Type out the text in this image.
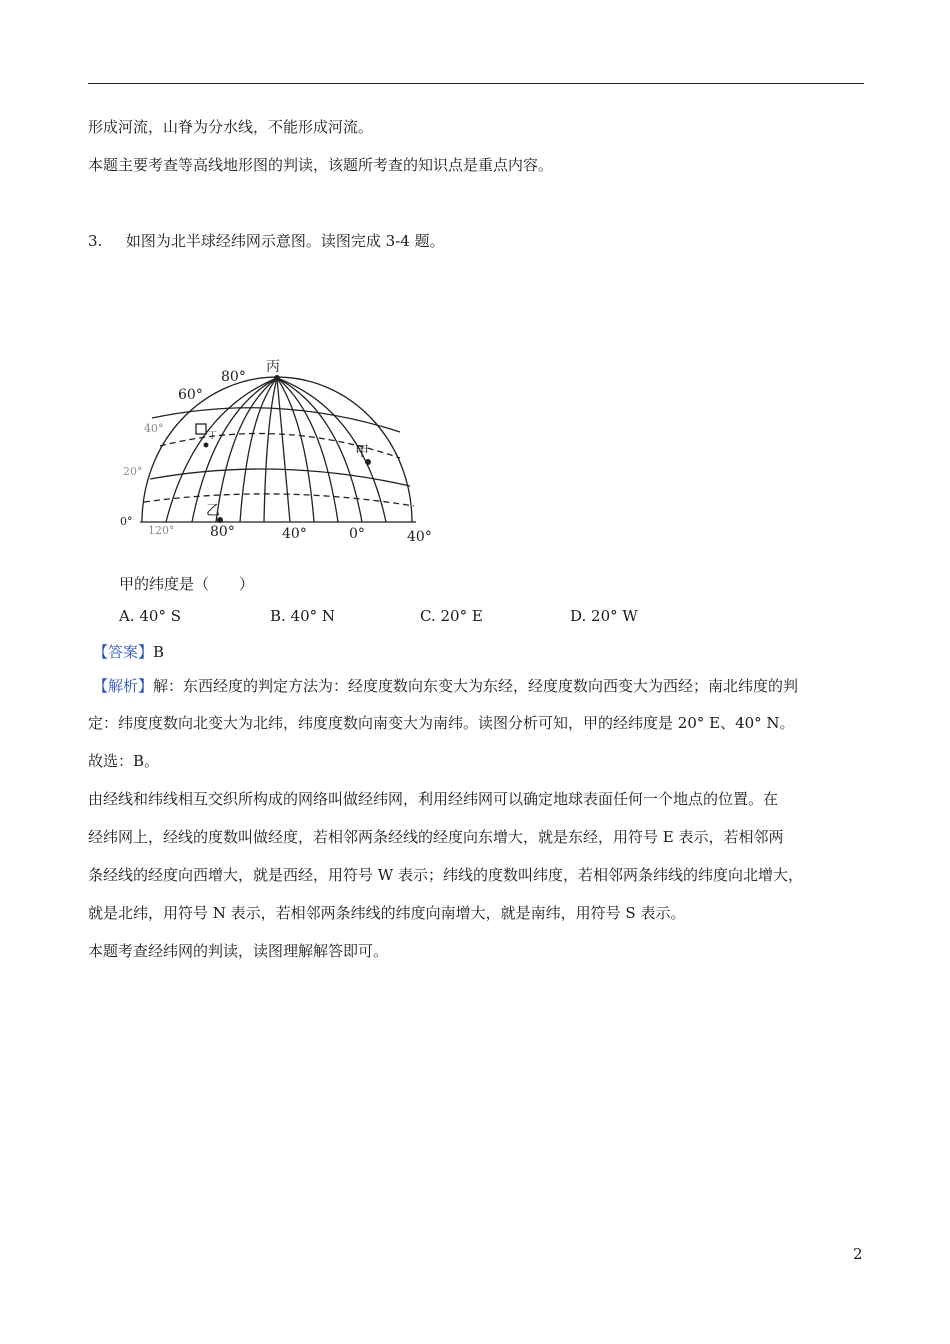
形成河流，山脊为分水线，不能形成河流。
本题主要考查等高线地形图的判读，该题所考查的知识点是重点内容。
3. 如图为北半球经纬网示意图。读图完成 3-4 题。
丙
甲
乙
丁
80°
60°
40°
20°
0°
120°	80°	40°	0°	40°
甲的纬度是（　　）
A. 40° S	B. 40° N	C. 20° E	D. 20° W
【答案】B
【解析】解：东西经度的判定方法为：经度度数向东变大为东经，经度度数向西变大为西经；南北纬度的判
定：纬度度数向北变大为北纬，纬度度数向南变大为南纬。读图分析可知，甲的经纬度是 20° E、40° N。
故选：B。
由经线和纬线相互交织所构成的网络叫做经纬网，利用经纬网可以确定地球表面任何一个地点的位置。在
经纬网上，经线的度数叫做经度，若相邻两条经线的经度向东增大，就是东经，用符号 E 表示，若相邻两
条经线的经度向西增大，就是西经，用符号 W 表示；纬线的度数叫纬度，若相邻两条纬线的纬度向北增大，
就是北纬，用符号 N 表示，若相邻两条纬线的纬度向南增大，就是南纬，用符号 S 表示。
本题考查经纬网的判读，读图理解解答即可。
2
